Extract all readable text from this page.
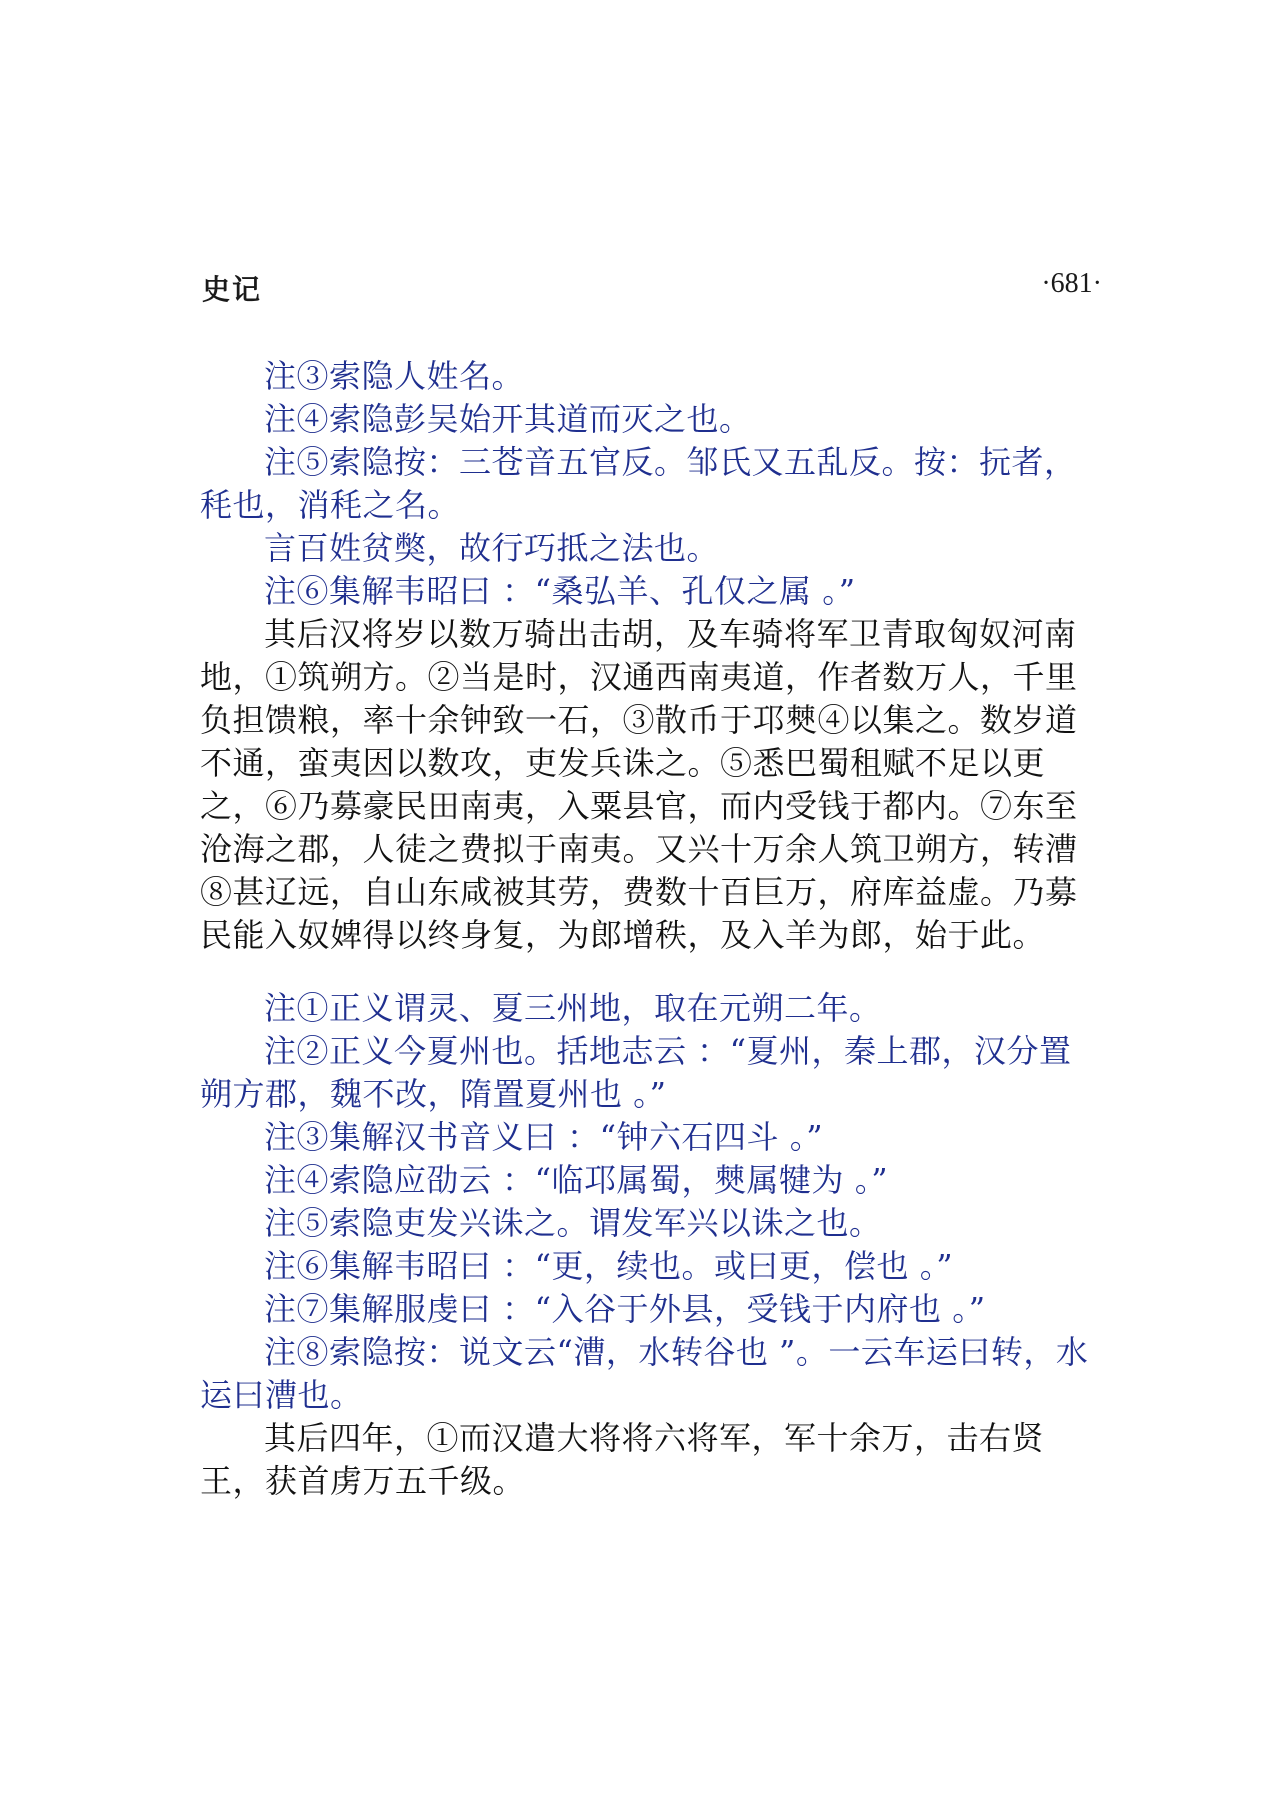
史记	·681·

注③索隐人姓名。

注④索隐彭吴始开其道而灭之也。

注⑤索隐按：三苍音五官反。邹氏又五乱反。按：抏者，秏也，消秏之名。

言百姓贫獘，故行巧抵之法也。

注⑥集解韦昭曰 ：“桑弘羊、孔仅之属 。”

其后汉将岁以数万骑出击胡，及车骑将军卫青取匈奴河南地，①筑朔方。②当是时，汉通西南夷道，作者数万人，千里负担馈粮，率十余钟致一石，③散币于邛僰④以集之。数岁道不通，蛮夷因以数攻，吏发兵诛之。⑤悉巴蜀租赋不足以更之，⑥乃募豪民田南夷，入粟县官，而内受钱于都内。⑦东至沧海之郡，人徒之费拟于南夷。又兴十万余人筑卫朔方，转漕⑧甚辽远，自山东咸被其劳，费数十百巨万，府库益虚。乃募民能入奴婢得以终身复，为郎增秩，及入羊为郎，始于此。

注①正义谓灵、夏三州地，取在元朔二年。

注②正义今夏州也。括地志云 ：“夏州，秦上郡，汉分置朔方郡，魏不改，隋置夏州也 。”

注③集解汉书音义曰 ：“钟六石四斗 。”

注④索隐应劭云 ：“临邛属蜀，僰属犍为 。”

注⑤索隐吏发兴诛之。谓发军兴以诛之也。

注⑥集解韦昭曰 ：“更，续也。或曰更，偿也 。”

注⑦集解服虔曰 ：“入谷于外县，受钱于内府也 。”

注⑧索隐按：说文云“漕，水转谷也 ”。一云车运曰转，水运曰漕也。

其后四年，①而汉遣大将将六将军，军十余万，击右贤王，获首虏万五千级。
